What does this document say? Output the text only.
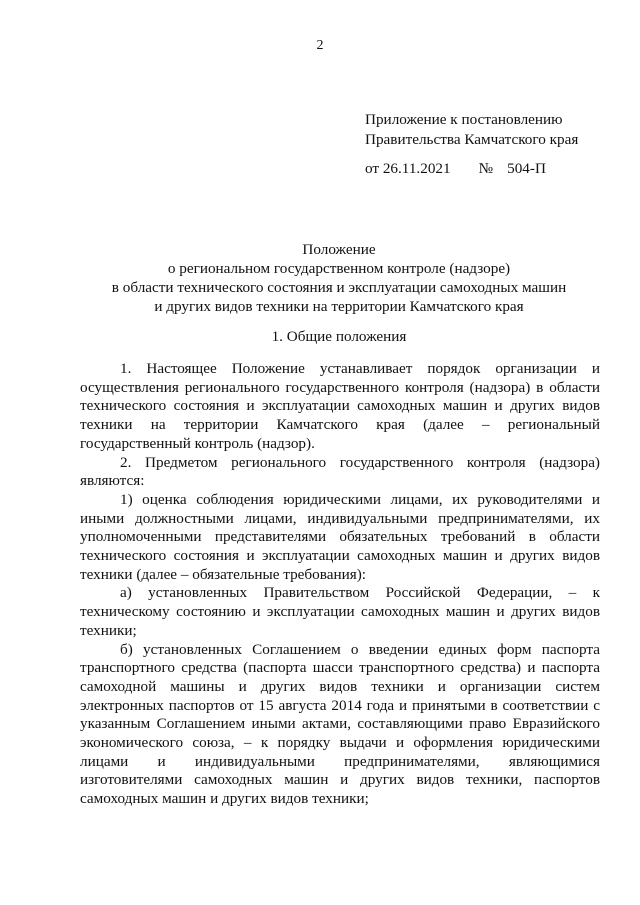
2
Приложение к постановлению
Правительства Камчатского края
от 26.11.2021 № 504-П
Положение
о региональном государственном контроле (надзоре)
в области технического состояния и эксплуатации самоходных машин
и других видов техники на территории Камчатского края
1. Общие положения

1. Настоящее Положение устанавливает порядок организации и осуществления регионального государственного контроля (надзора) в области технического состояния и эксплуатации самоходных машин и других видов техники на территории Камчатского края (далее – региональный государственный контроль (надзор).

2. Предметом регионального государственного контроля (надзора) являются:

1) оценка соблюдения юридическими лицами, их руководителями и иными должностными лицами, индивидуальными предпринимателями, их уполномоченными представителями обязательных требований в области технического состояния и эксплуатации самоходных машин и других видов техники (далее – обязательные требования):

а) установленных Правительством Российской Федерации, – к техническому состоянию и эксплуатации самоходных машин и других видов техники;

б) установленных Соглашением о введении единых форм паспорта транспортного средства (паспорта шасси транспортного средства) и паспорта самоходной машины и других видов техники и организации систем электронных паспортов от 15 августа 2014 года и принятыми в соответствии с указанным Соглашением иными актами, составляющими право Евразийского экономического союза, – к порядку выдачи и оформления юридическими лицами и индивидуальными предпринимателями, являющимися изготовителями самоходных машин и других видов техники, паспортов самоходных машин и других видов техники;
